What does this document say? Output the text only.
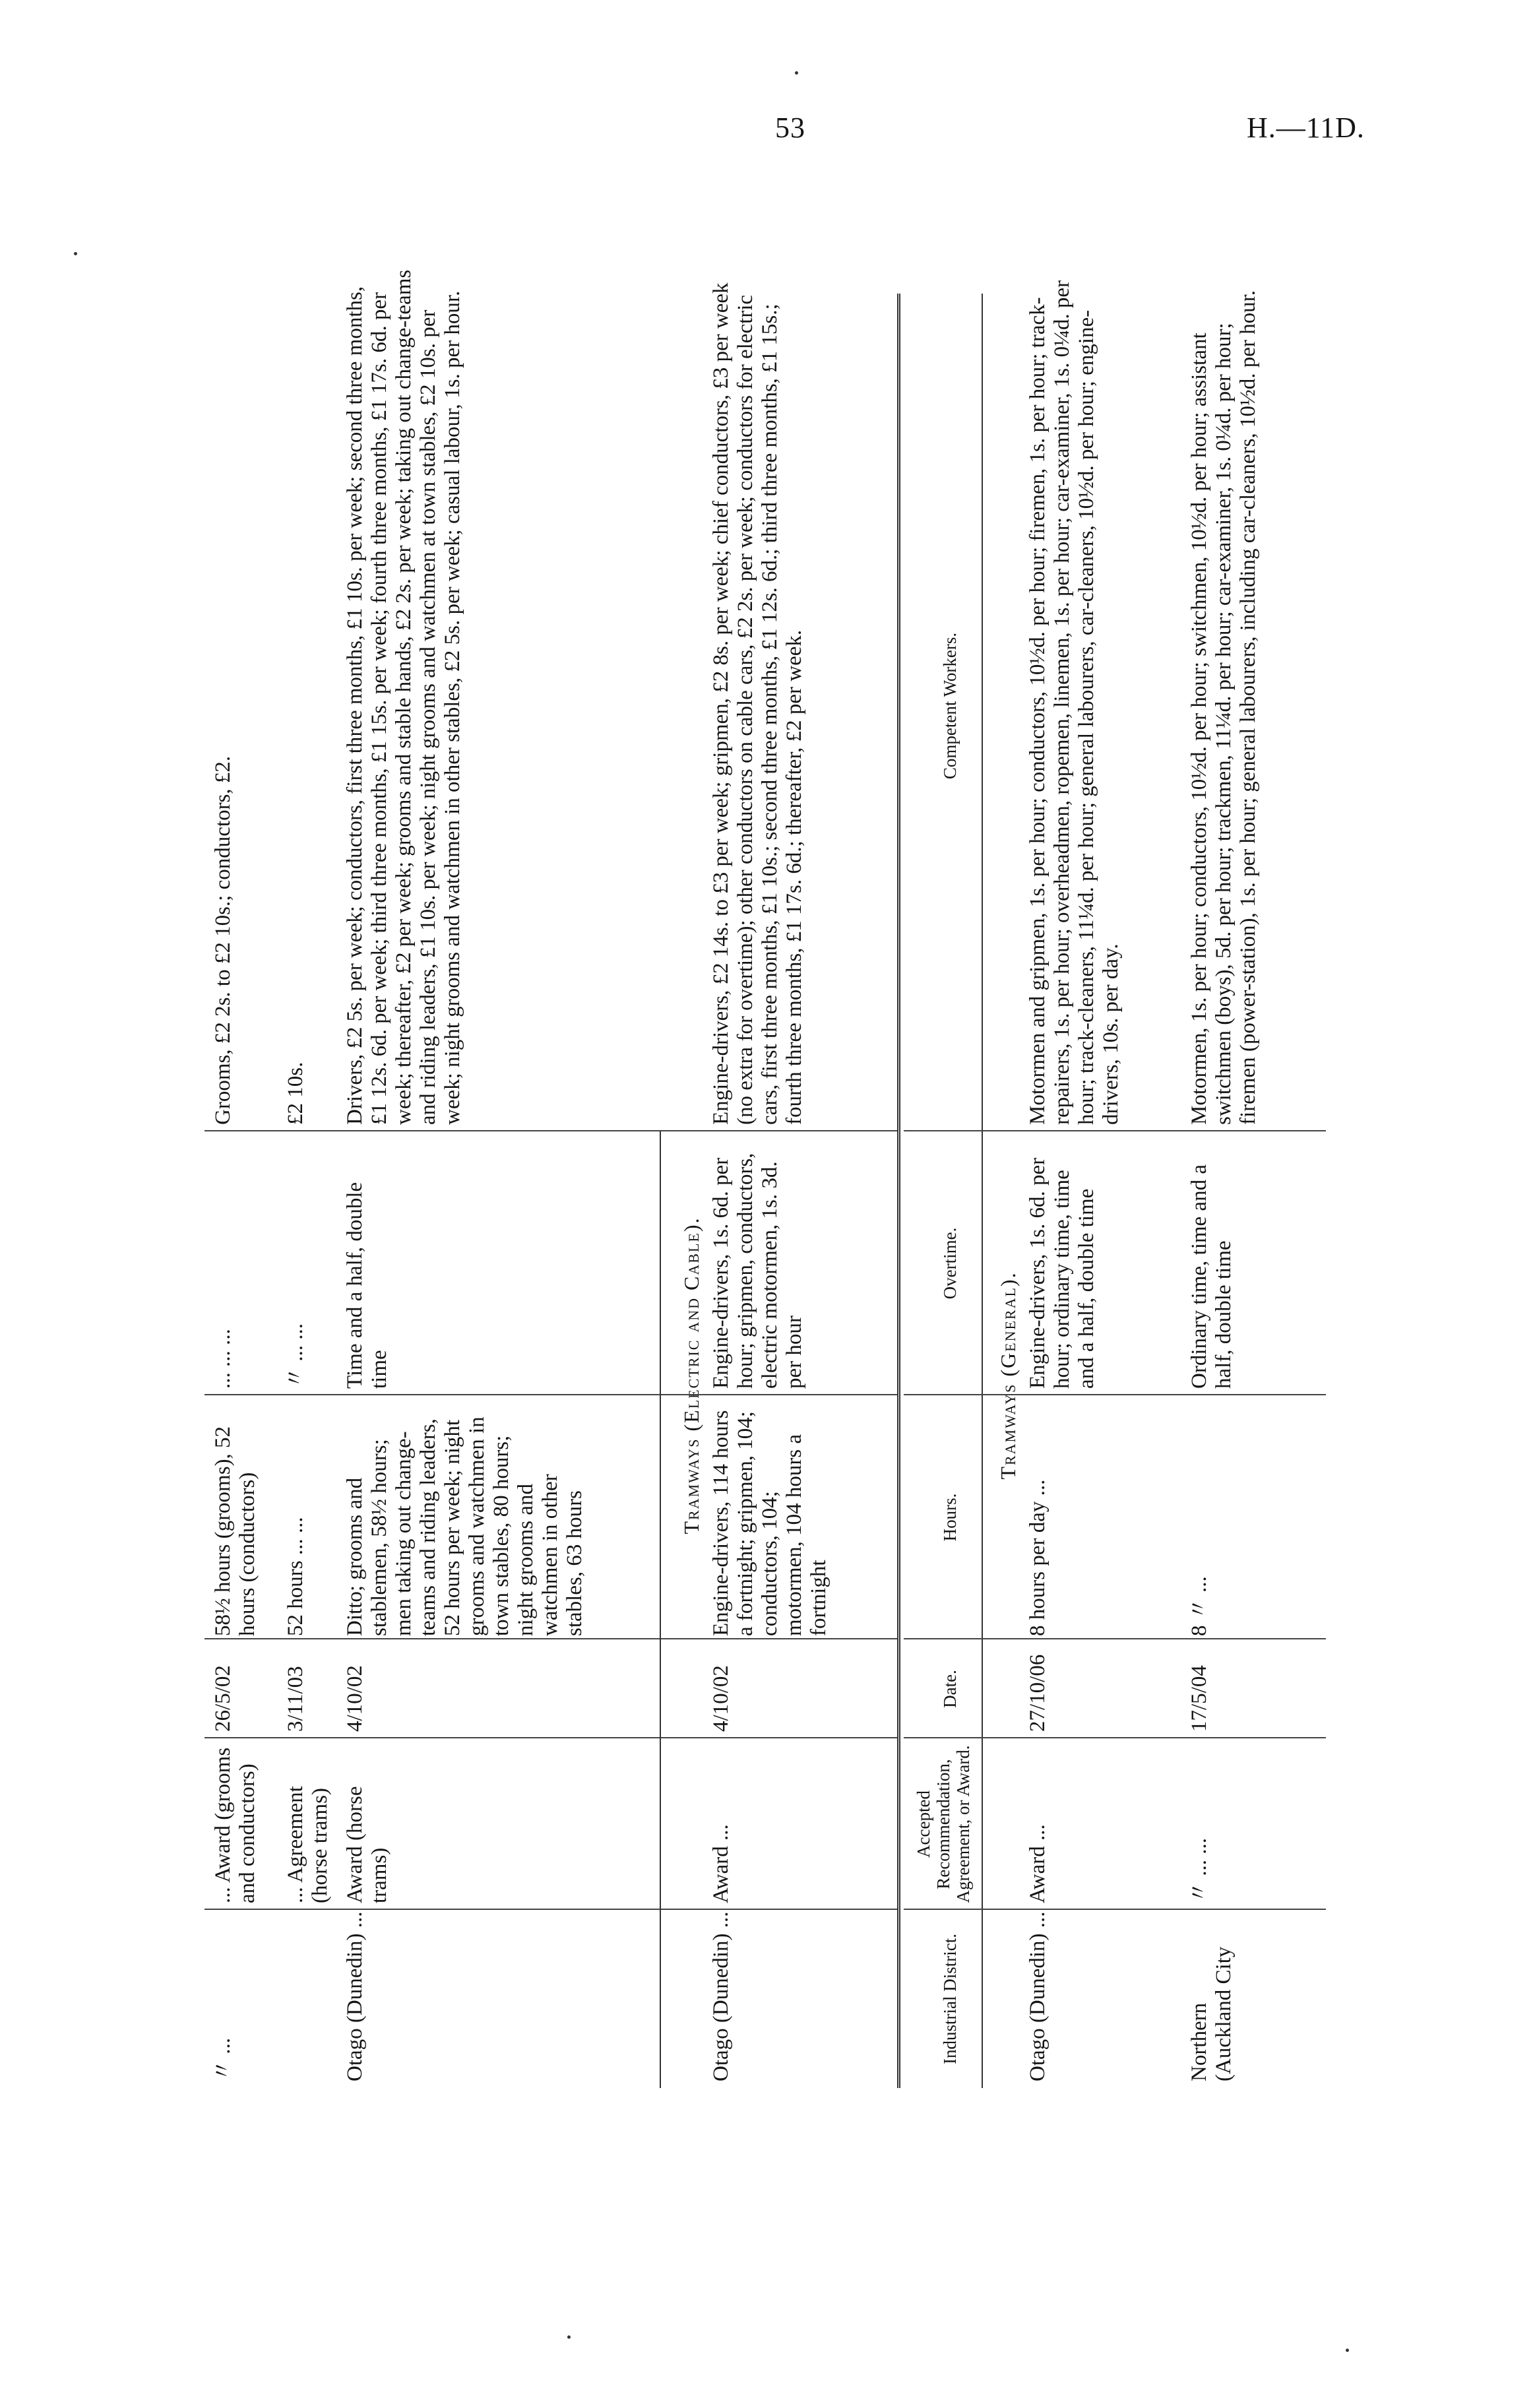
53	H.—11D.
〃 ...
... Award (grooms and conductors)
26/5/02
58½ hours (grooms), 52 hours (conductors)
... ... ...
Grooms, £2 2s. to £2 10s.; conductors, £2.
... Agreement (horse trams)
3/11/03
52 hours ... ...
〃 ... ...
£2 10s.
Otago (Dunedin) ...
Award (horse trams)
4/10/02
Ditto; grooms and stablemen, 58½ hours; men taking out change-teams and riding leaders, 52 hours per week; night grooms and watchmen in town stables, 80 hours; night grooms and watchmen in other stables, 63 hours
Time and a half, double time
Drivers, £2 5s. per week; conductors, first three months, £1 10s. per week; second three months, £1 12s. 6d. per week; third three months, £1 15s. per week; fourth three months, £1 17s. 6d. per week; thereafter, £2 per week; grooms and stable hands, £2 2s. per week; taking out change-teams and riding leaders, £1 10s. per week; night grooms and watchmen at town stables, £2 10s. per week; night grooms and watchmen in other stables, £2 5s. per week; casual labour, 1s. per hour.
Tramways (Electric and Cable).
Otago (Dunedin) ...
Award ...
4/10/02
Engine-drivers, 114 hours a fortnight; gripmen, 104; conductors, 104; motormen, 104 hours a fortnight
Engine-drivers, 1s. 6d. per hour; gripmen, conductors, electric motormen, 1s. 3d. per hour
Engine-drivers, £2 14s. to £3 per week; gripmen, £2 8s. per week; chief conductors, £3 per week (no extra for overtime); other conductors on cable cars, £2 2s. per week; conductors for electric cars, first three months, £1 10s.; second three months, £1 12s. 6d.; third three months, £1 15s.; fourth three months, £1 17s. 6d.; thereafter, £2 per week.
Industrial District.
Accepted Recommendation, Agreement, or Award.
Date.
Hours.
Overtime.
Competent Workers.
Tramways (General).
Otago (Dunedin) ...
Award ...
27/10/06
8 hours per day ...
Engine-drivers, 1s. 6d. per hour; ordinary time, time and a half, double time
Motormen and gripmen, 1s. per hour; conductors, 10½d. per hour; firemen, 1s. per hour; track-repairers, 1s. per hour; overheadmen, ropemen, linemen, 1s. per hour; car-examiner, 1s. 0¼d. per hour; track-cleaners, 11¼d. per hour; general labourers, car-cleaners, 10½d. per hour; engine-drivers, 10s. per day.
Northern (Auckland City
〃 ... ...
17/5/04
8 〃 ...
Ordinary time, time and a half, double time
Motormen, 1s. per hour; conductors, 10½d. per hour; switchmen, 10½d. per hour; assistant switchmen (boys), 5d. per hour; trackmen, 11¼d. per hour; car-examiner, 1s. 0¼d. per hour; firemen (power-station), 1s. per hour; general labourers, including car-cleaners, 10½d. per hour.
